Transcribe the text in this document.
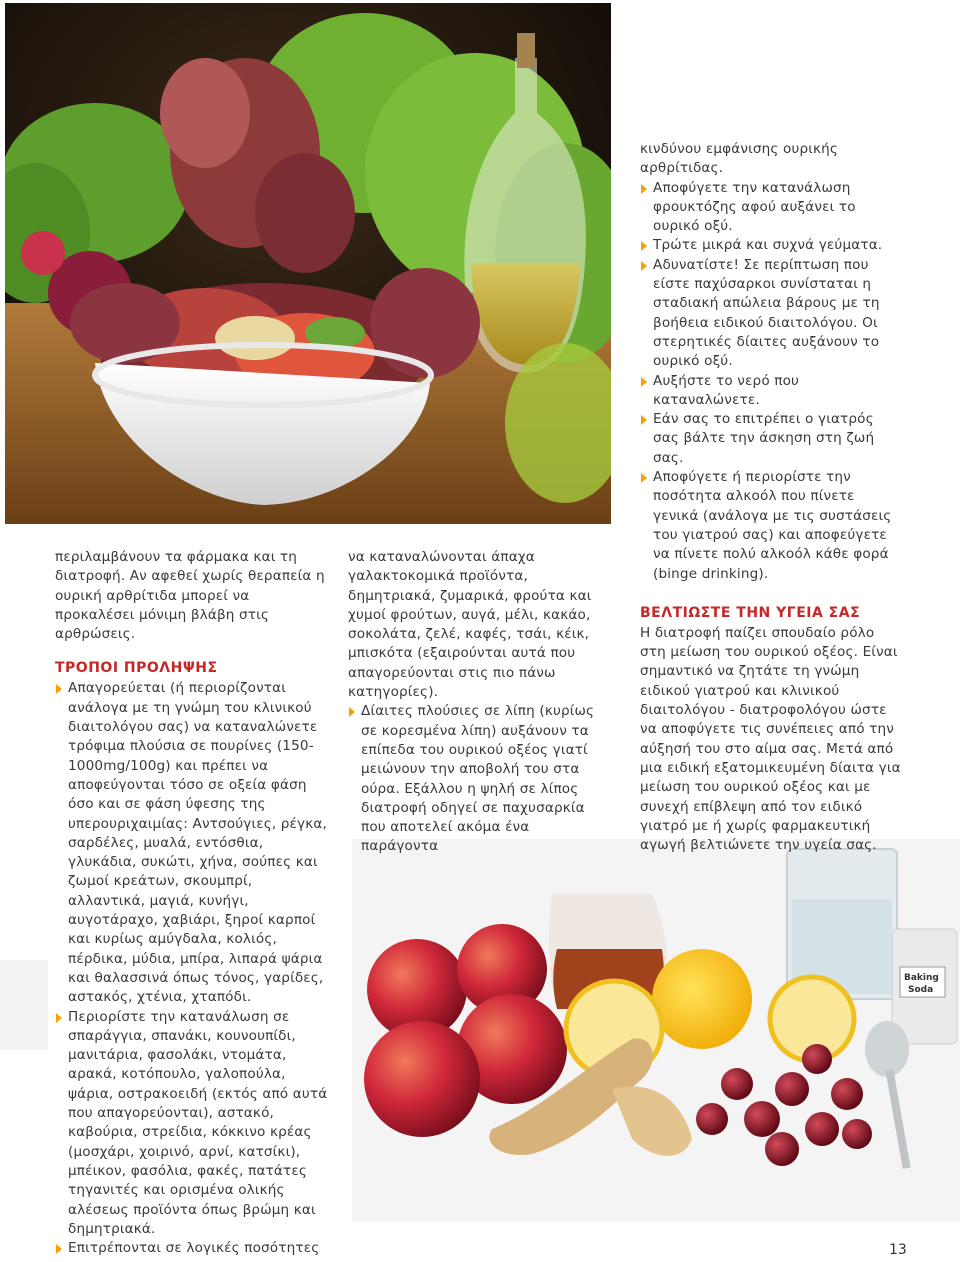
Baking
Soda

περιλαμβάνουν τα φάρμακα και τη διατροφή. Αν αφεθεί χωρίς θεραπεία η ουρική αρθρίτιδα μπορεί να προκαλέσει μόνιμη βλάβη στις αρθρώσεις.

ΤΡΟΠΟΙ ΠΡΟΛΗΨΗΣ

Απαγορεύεται (ή περιορίζονται ανάλογα με τη γνώμη του κλινικού διαιτολόγου σας) να καταναλώνετε τρόφιμα πλούσια σε πουρίνες (150-1000mg/100g) και πρέπει να αποφεύγονται τόσο σε οξεία φάση όσο και σε φάση ύφεσης της υπερουριχαιμίας: Αντσούγιες, ρέγκα, σαρδέλες, μυαλά, εντόσθια, γλυκάδια, συκώτι, χήνα, σούπες και ζωμοί κρεάτων, σκουμπρί, αλλαντικά, μαγιά, κυνήγι, αυγοτάραχο, χαβιάρι, ξηροί καρποί και κυρίως αμύγδαλα, κολιός, πέρδικα, μύδια, μπίρα, λιπαρά ψάρια και θαλασσινά όπως τόνος, γαρίδες, αστακός, χτένια, χταπόδι.

Περιορίστε την κατανάλωση σε σπαράγγια, σπανάκι, κουνουπίδι, μανιτάρια, φασολάκι, ντομάτα, αρακά, κοτόπουλο, γαλοπούλα, ψάρια, οστρακοειδή (εκτός από αυτά που απαγορεύονται), αστακό, καβούρια, στρείδια, κόκκινο κρέας (μοσχάρι, χοιρινό, αρνί, κατσίκι), μπέικον, φασόλια, φακές, πατάτες τηγανιτές και ορισμένα ολικής αλέσεως προϊόντα όπως βρώμη και δημητριακά.

Επιτρέπονται σε λογικές ποσότητες

να καταναλώνονται άπαχα γαλακτοκομικά προϊόντα, δημητριακά, ζυμαρικά, φρούτα και χυμοί φρούτων, αυγά, μέλι, κακάο, σοκολάτα, ζελέ, καφές, τσάι, κέικ, μπισκότα (εξαιρούνται αυτά που απαγορεύονται στις πιο πάνω κατηγορίες).

Δίαιτες πλούσιες σε λίπη (κυρίως σε κορεσμένα λίπη) αυξάνουν τα επίπεδα του ουρικού οξέος γιατί μειώνουν την αποβολή του στα ούρα. Εξάλλου η ψηλή σε λίπος διατροφή οδηγεί σε παχυσαρκία που αποτελεί ακόμα ένα παράγοντα

κινδύνου εμφάνισης ουρικής αρθρίτιδας.

Αποφύγετε την κατανάλωση φρουκτόζης αφού αυξάνει το ουρικό οξύ.

Τρώτε μικρά και συχνά γεύματα.

Αδυνατίστε! Σε περίπτωση που είστε παχύσαρκοι συνίσταται η σταδιακή απώλεια βάρους με τη βοήθεια ειδικού διαιτολόγου. Οι στερητικές δίαιτες αυξάνουν το ουρικό οξύ.

Αυξήστε το νερό που καταναλώνετε.

Εάν σας το επιτρέπει ο γιατρός σας βάλτε την άσκηση στη ζωή σας.

Αποφύγετε ή περιορίστε την ποσότητα αλκοόλ που πίνετε γενικά (ανάλογα με τις συστάσεις του γιατρού σας) και αποφεύγετε να πίνετε πολύ αλκοόλ κάθε φορά (binge drinking).

ΒΕΛΤΙΩΣΤΕ ΤΗΝ ΥΓΕΙΑ ΣΑΣ

Η διατροφή παίζει σπουδαίο ρόλο στη μείωση του ουρικού οξέος. Είναι σημαντικό να ζητάτε τη γνώμη ειδικού γιατρού και κλινικού διαιτολόγου - διατροφολόγου ώστε να αποφύγετε τις συνέπειες από την αύξησή του στο αίμα σας. Μετά από μια ειδική εξατομικευμένη δίαιτα για μείωση του ουρικού οξέος και με συνεχή επίβλεψη από τον ειδικό γιατρό με ή χωρίς φαρμακευτική αγωγή βελτιώνετε την υγεία σας.

13
